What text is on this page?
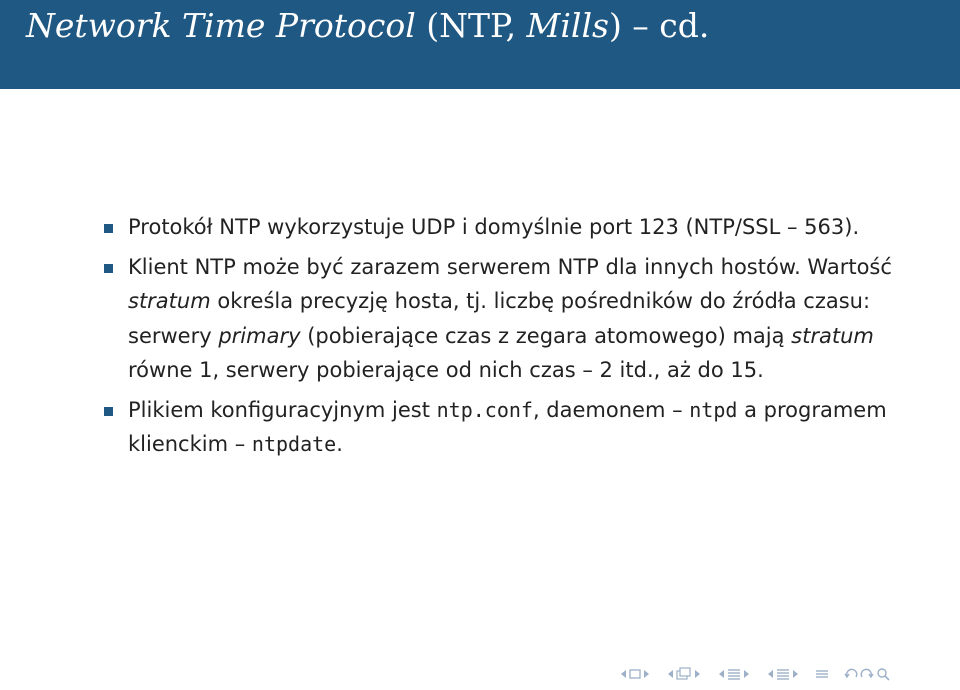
Network Time Protocol (NTP, Mills) – cd.
Protokół NTP wykorzystuje UDP i domyślnie port 123 (NTP/SSL – 563).
Klient NTP może być zarazem serwerem NTP dla innych hostów. Wartość stratum określa precyzję hosta, tj. liczbę pośredników do źródła czasu: serwery primary (pobierające czas z zegara atomowego) mają stratum równe 1, serwery pobierające od nich czas – 2 itd., aż do 15.
Plikiem konfiguracyjnym jest ntp.conf, daemonem – ntpd a programem klienckim – ntpdate.
